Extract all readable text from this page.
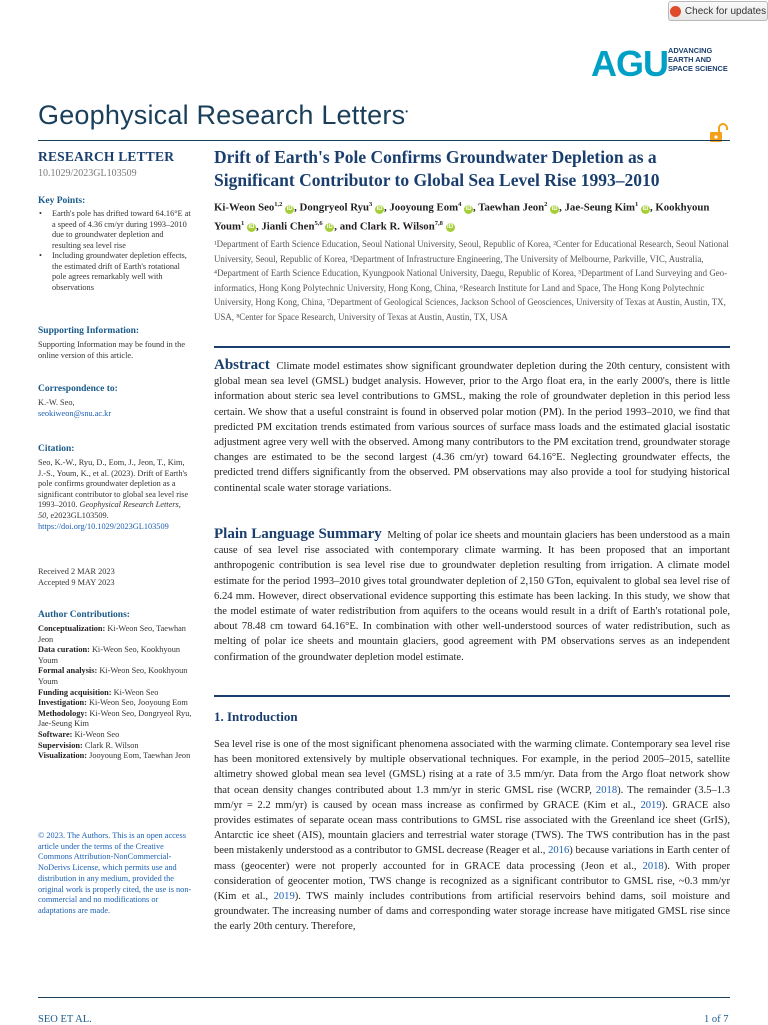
Check for updates
AGU ADVANCING
EARTH AND
SPACE SCIENCE
Geophysical Research Letters•
RESEARCH LETTER
10.1029/2023GL103509
Key Points:
• Earth's pole has drifted toward 64.16°E at a speed of 4.36 cm/yr during 1993–2010 due to groundwater depletion and resulting sea level rise
• Including groundwater depletion effects, the estimated drift of Earth's rotational pole agrees remarkably well with observations
Supporting Information:
Supporting Information may be found in the online version of this article.
Correspondence to:
K.-W. Seo,
seokiweon@snu.ac.kr
Citation:
Seo, K.-W., Ryu, D., Eom, J., Jeon, T., Kim, J.-S., Youm, K., et al. (2023). Drift of Earth's pole confirms groundwater depletion as a significant contributor to global sea level rise 1993–2010. Geophysical Research Letters, 50, e2023GL103509. https://doi.org/10.1029/2023GL103509
Received 2 MAR 2023
Accepted 9 MAY 2023
Author Contributions:
Conceptualization: Ki-Weon Seo, Taewhan Jeon
Data curation: Ki-Weon Seo, Kookhyoun Youm
Formal analysis: Ki-Weon Seo, Kookhyoun Youm
Funding acquisition: Ki-Weon Seo
Investigation: Ki-Weon Seo, Jooyoung Eom
Methodology: Ki-Weon Seo, Dongryeol Ryu, Jae-Seung Kim
Software: Ki-Weon Seo
Supervision: Clark R. Wilson
Visualization: Jooyoung Eom, Taewhan Jeon
© 2023. The Authors. This is an open access article under the terms of the Creative Commons Attribution-NonCommercial-NoDerivs License, which permits use and distribution in any medium, provided the original work is properly cited, the use is non-commercial and no modifications or adaptations are made.
Drift of Earth's Pole Confirms Groundwater Depletion as a Significant Contributor to Global Sea Level Rise 1993–2010
Ki-Weon Seo$^{1,2}$ iD , Dongryeol Ryu$^3$ iD , Jooyoung Eom$^4$ iD , Taewhan Jeon$^2$ iD , Jae-Seung Kim$^1$ iD , Kookhyoun Youm$^1$ iD , Jianli Chen$^{5,6}$ iD , and Clark R. Wilson$^{7,8}$ iD
¹Department of Earth Science Education, Seoul National University, Seoul, Republic of Korea, ²Center for Educational Research, Seoul National University, Seoul, Republic of Korea, ³Department of Infrastructure Engineering, The University of Melbourne, Parkville, VIC, Australia, ⁴Department of Earth Science Education, Kyungpook National University, Daegu, Republic of Korea, ⁵Department of Land Surveying and Geo-informatics, Hong Kong Polytechnic University, Hong Kong, China, ⁶Research Institute for Land and Space, The Hong Kong Polytechnic University, Hong Kong, China, ⁷Department of Geological Sciences, Jackson School of Geosciences, University of Texas at Austin, Austin, TX, USA, ⁸Center for Space Research, University of Texas at Austin, Austin, TX, USA
Abstract Climate model estimates show significant groundwater depletion during the 20th century, consistent with global mean sea level (GMSL) budget analysis. However, prior to the Argo float era, in the early 2000's, there is little information about steric sea level contributions to GMSL, making the role of groundwater depletion in this period less certain. We show that a useful constraint is found in observed polar motion (PM). In the period 1993–2010, we find that predicted PM excitation trends estimated from various sources of surface mass loads and the estimated glacial isostatic adjustment agree very well with the observed. Among many contributors to the PM excitation trend, groundwater storage changes are estimated to be the second largest (4.36 cm/yr) toward 64.16°E. Neglecting groundwater effects, the predicted trend differs significantly from the observed. PM observations may also provide a tool for studying historical continental scale water storage variations.
Plain Language Summary Melting of polar ice sheets and mountain glaciers has been understood as a main cause of sea level rise associated with contemporary climate warming. It has been proposed that an important anthropogenic contribution is sea level rise due to groundwater depletion resulting from irrigation. A climate model estimate for the period 1993–2010 gives total groundwater depletion of 2,150 GTon, equivalent to global sea level rise of 6.24 mm. However, direct observational evidence supporting this estimate has been lacking. In this study, we show that the model estimate of water redistribution from aquifers to the oceans would result in a drift of Earth's rotational pole, about 78.48 cm toward 64.16°E. In combination with other well-understood sources of water redistribution, such as melting of polar ice sheets and mountain glaciers, good agreement with PM observations serves as an independent confirmation of the groundwater depletion model estimate.
1. Introduction
Sea level rise is one of the most significant phenomena associated with the warming climate. Contemporary sea level rise has been monitored extensively by multiple observational techniques. For example, in the period 2005–2015, satellite altimetry showed global mean sea level (GMSL) rising at a rate of 3.5 mm/yr. Data from the Argo float network show that ocean density changes contributed about 1.3 mm/yr in steric GMSL rise (WCRP, 2018). The remainder (3.5–1.3 mm/yr = 2.2 mm/yr) is caused by ocean mass increase as confirmed by GRACE (Kim et al., 2019). GRACE also provides estimates of separate ocean mass contributions to GMSL rise associated with the Greenland ice sheet (GrIS), Antarctic ice sheet (AIS), mountain glaciers and terrestrial water storage (TWS). The TWS contribution has in the past been mistakenly understood as a contributor to GMSL decrease (Reager et al., 2016) because variations in Earth center of mass (geocenter) were not properly accounted for in GRACE data processing (Jeon et al., 2018). With proper consideration of geocenter motion, TWS change is recognized as a significant contributor to GMSL rise, ~0.3 mm/yr (Kim et al., 2019). TWS mainly includes contributions from artificial reservoirs behind dams, soil moisture and groundwater. The increasing number of dams and corresponding water storage increase have mitigated GMSL rise since the early 20th century. Therefore,
SEO ET AL.	1 of 7
